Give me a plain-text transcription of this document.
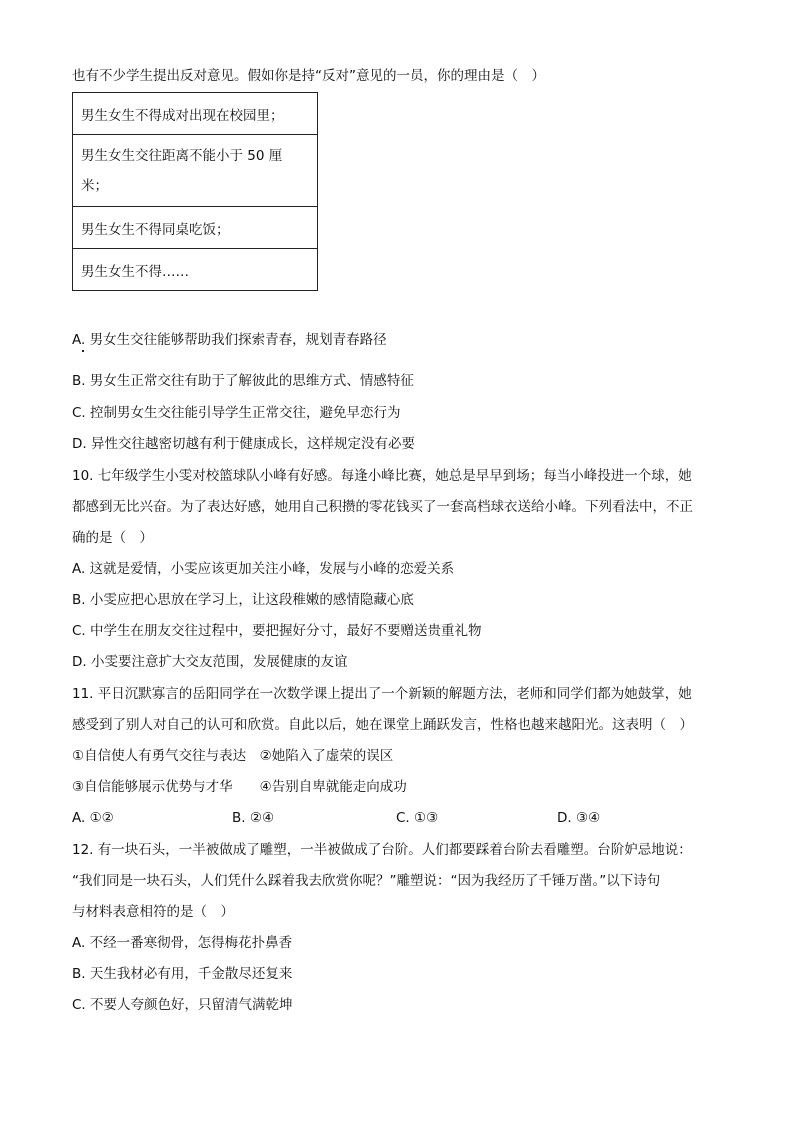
也有不少学生提出反对意见。假如你是持“反对”意见的一员，你的理由是（　）
男生女生不得成对出现在校园里；

男生女生交往距离不能小于 50 厘米；

男生女生不得同桌吃饭；
男生女生不得……
A. 男女生交往能够帮助我们探索青春，规划青春路径
B. 男女生正常交往有助于了解彼此的思维方式、情感特征
C. 控制男女生交往能引导学生正常交往，避免早恋行为
D. 异性交往越密切越有利于健康成长，这样规定没有必要
10. 七年级学生小雯对校篮球队小峰有好感。每逢小峰比赛，她总是早早到场；每当小峰投进一个球，她
都感到无比兴奋。为了表达好感，她用自己积攒的零花钱买了一套高档球衣送给小峰。下列看法中，不正
确的是（　）
A. 这就是爱情，小雯应该更加关注小峰，发展与小峰的恋爱关系
B. 小雯应把心思放在学习上，让这段稚嫩的感情隐藏心底
C. 中学生在朋友交往过程中，要把握好分寸，最好不要赠送贵重礼物
D. 小雯要注意扩大交友范围，发展健康的友谊
11. 平日沉默寡言的岳阳同学在一次数学课上提出了一个新颖的解题方法，老师和同学们都为她鼓掌，她
感受到了别人对自己的认可和欣赏。自此以后，她在课堂上踊跃发言，性格也越来越阳光。这表明（　）
①自信使人有勇气交往与表达　②她陷入了虚荣的误区
③自信能够展示优势与才华　　④告别自卑就能走向成功
A. ①②	B. ②④	C. ①③	D. ③④
12. 有一块石头，一半被做成了雕塑，一半被做成了台阶。人们都要踩着台阶去看雕塑。台阶妒忌地说：
“我们同是一块石头，人们凭什么踩着我去欣赏你呢？”雕塑说：“因为我经历了千锤万凿。”以下诗句
与材料表意相符的是（　）
A. 不经一番寒彻骨，怎得梅花扑鼻香
B. 天生我材必有用，千金散尽还复来
C. 不要人夸颜色好，只留清气满乾坤
